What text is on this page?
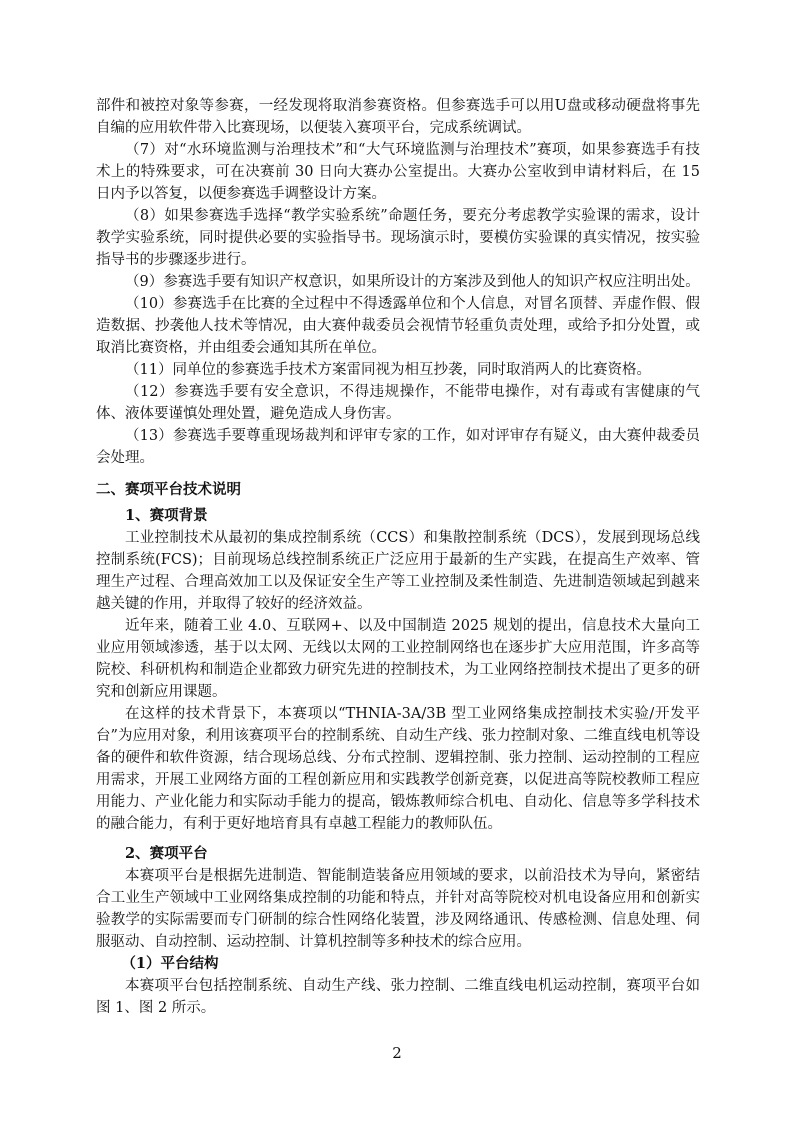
部件和被控对象等参赛，一经发现将取消参赛资格。但参赛选手可以用U盘或移动硬盘将事先自编的应用软件带入比赛现场，以便装入赛项平台，完成系统调试。

（7）对“水环境监测与治理技术”和“大气环境监测与治理技术”赛项，如果参赛选手有技术上的特殊要求，可在决赛前 30 日向大赛办公室提出。大赛办公室收到申请材料后，在 15 日内予以答复，以便参赛选手调整设计方案。

（8）如果参赛选手选择“教学实验系统”命题任务，要充分考虑教学实验课的需求，设计教学实验系统，同时提供必要的实验指导书。现场演示时，要模仿实验课的真实情况，按实验指导书的步骤逐步进行。

（9）参赛选手要有知识产权意识，如果所设计的方案涉及到他人的知识产权应注明出处。

（10）参赛选手在比赛的全过程中不得透露单位和个人信息，对冒名顶替、弄虚作假、假造数据、抄袭他人技术等情况，由大赛仲裁委员会视情节轻重负责处理，或给予扣分处置，或取消比赛资格，并由组委会通知其所在单位。

（11）同单位的参赛选手技术方案雷同视为相互抄袭，同时取消两人的比赛资格。

（12）参赛选手要有安全意识，不得违规操作，不能带电操作，对有毒或有害健康的气体、液体要谨慎处理处置，避免造成人身伤害。

（13）参赛选手要尊重现场裁判和评审专家的工作，如对评审存有疑义，由大赛仲裁委员会处理。

二、赛项平台技术说明
1、赛项背景

工业控制技术从最初的集成控制系统（CCS）和集散控制系统（DCS），发展到现场总线控制系统(FCS)；目前现场总线控制系统正广泛应用于最新的生产实践，在提高生产效率、管理生产过程、合理高效加工以及保证安全生产等工业控制及柔性制造、先进制造领域起到越来越关键的作用，并取得了较好的经济效益。

近年来，随着工业 4.0、互联网+、以及中国制造 2025 规划的提出，信息技术大量向工业应用领域渗透，基于以太网、无线以太网的工业控制网络也在逐步扩大应用范围，许多高等院校、科研机构和制造企业都致力研究先进的控制技术，为工业网络控制技术提出了更多的研究和创新应用课题。

在这样的技术背景下，本赛项以“THNIA-3A/3B 型工业网络集成控制技术实验/开发平台”为应用对象，利用该赛项平台的控制系统、自动生产线、张力控制对象、二维直线电机等设备的硬件和软件资源，结合现场总线、分布式控制、逻辑控制、张力控制、运动控制的工程应用需求，开展工业网络方面的工程创新应用和实践教学创新竞赛，以促进高等院校教师工程应用能力、产业化能力和实际动手能力的提高，锻炼教师综合机电、自动化、信息等多学科技术的融合能力，有利于更好地培育具有卓越工程能力的教师队伍。

2、赛项平台

本赛项平台是根据先进制造、智能制造装备应用领域的要求，以前沿技术为导向，紧密结合工业生产领域中工业网络集成控制的功能和特点，并针对高等院校对机电设备应用和创新实验教学的实际需要而专门研制的综合性网络化装置，涉及网络通讯、传感检测、信息处理、伺服驱动、自动控制、运动控制、计算机控制等多种技术的综合应用。

（1）平台结构

本赛项平台包括控制系统、自动生产线、张力控制、二维直线电机运动控制，赛项平台如图 1、图 2 所示。

2
